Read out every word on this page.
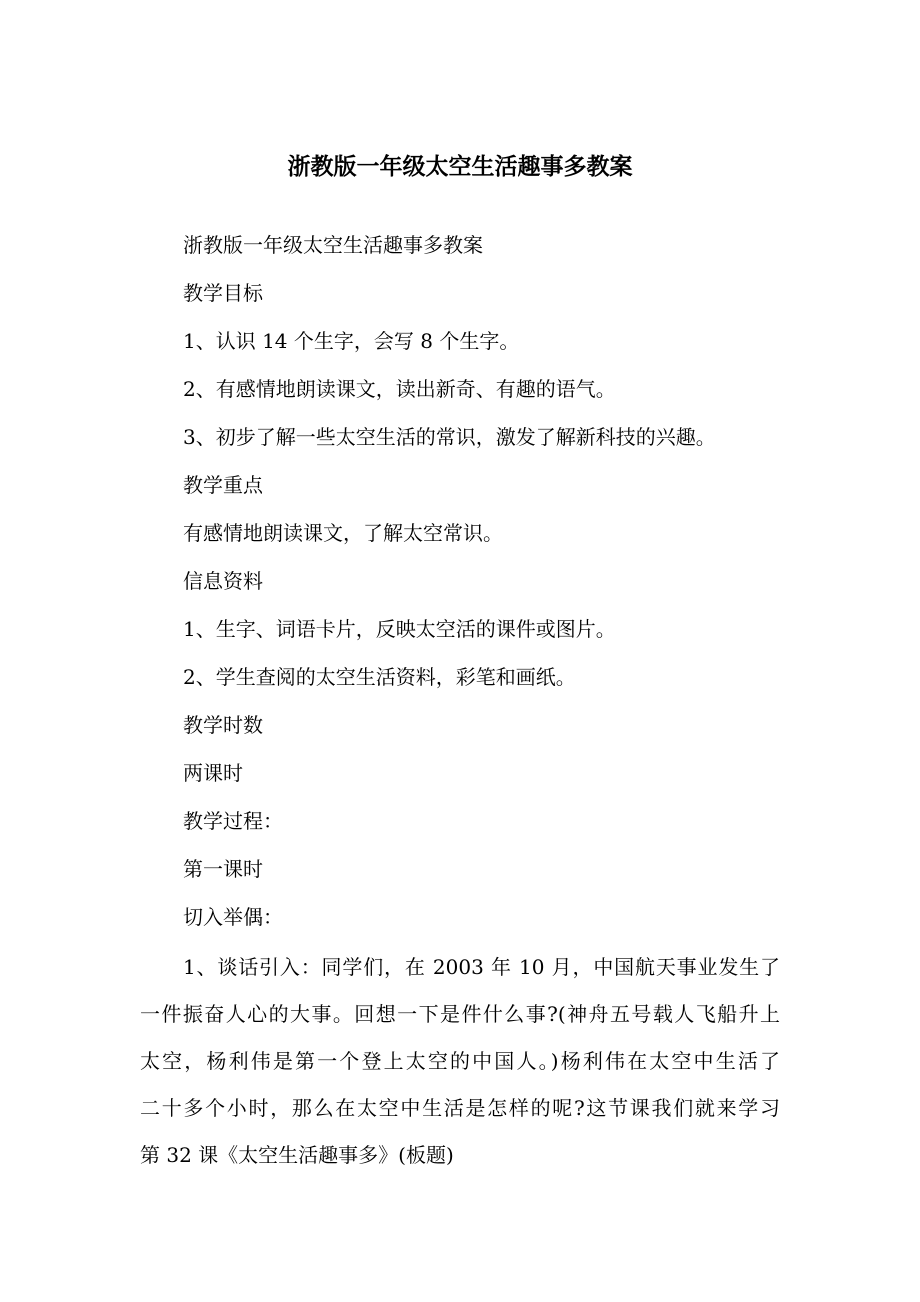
浙教版一年级太空生活趣事多教案
浙教版一年级太空生活趣事多教案
教学目标
1、认识 14 个生字，会写 8 个生字。
2、有感情地朗读课文，读出新奇、有趣的语气。
3、初步了解一些太空生活的常识，激发了解新科技的兴趣。
教学重点
有感情地朗读课文，了解太空常识。
信息资料
1、生字、词语卡片，反映太空活的课件或图片。
2、学生查阅的太空生活资料，彩笔和画纸。
教学时数
两课时
教学过程：
第一课时
切入举偶：
1、谈话引入：同学们，在 2003 年 10 月，中国航天事业发生了
一件振奋人心的大事。回想一下是件什么事?(神舟五号载人飞船升上
太空，杨利伟是第一个登上太空的中国人。)杨利伟在太空中生活了
二十多个小时，那么在太空中生活是怎样的呢?这节课我们就来学习
第 32 课《太空生活趣事多》(板题)
